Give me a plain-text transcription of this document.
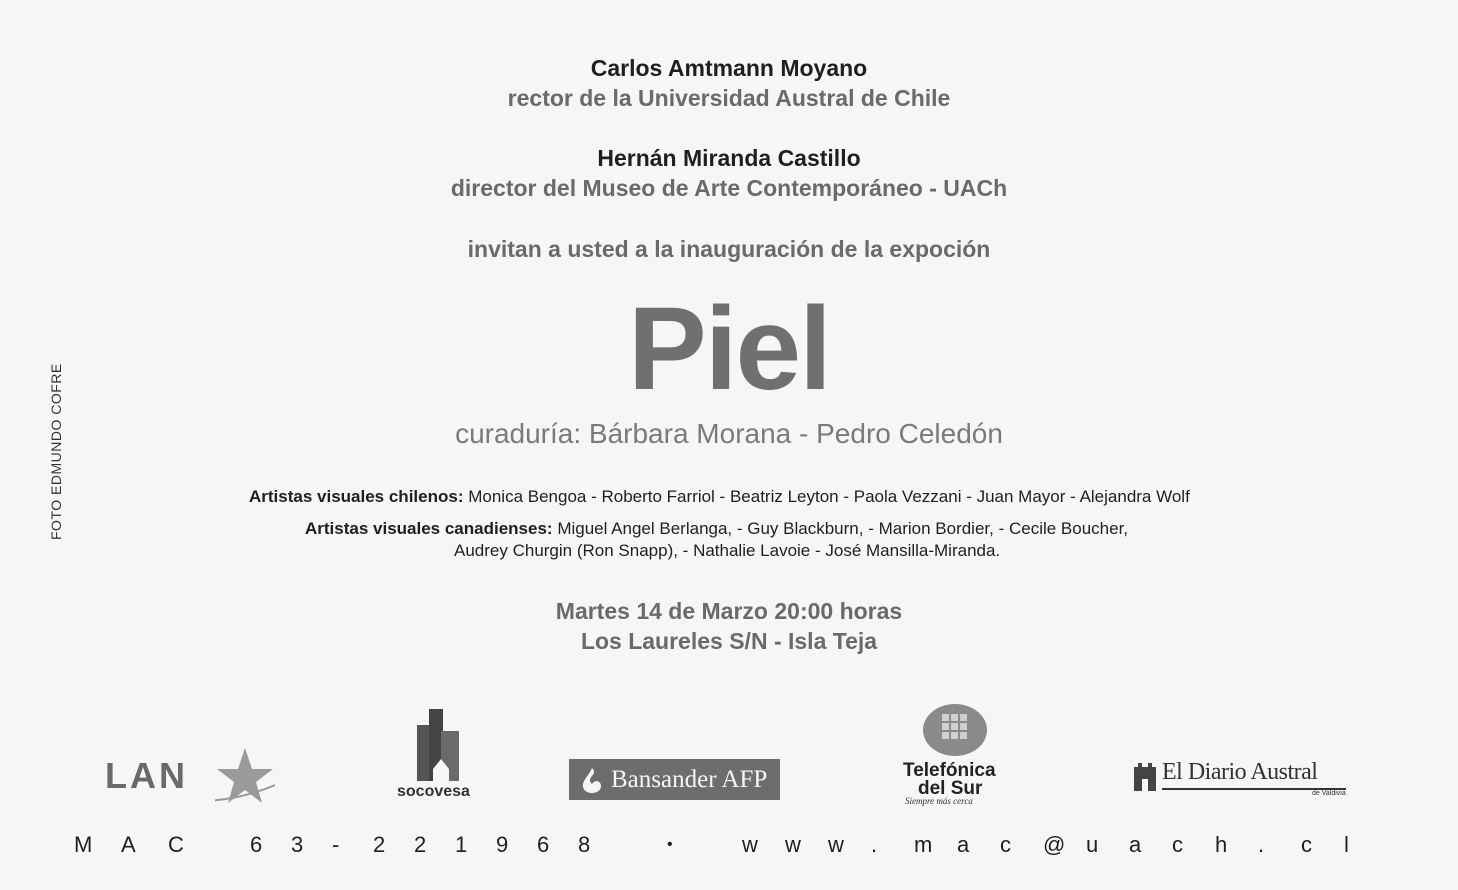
FOTO EDMUNDO COFRE
Carlos Amtmann Moyano
rector de la Universidad Austral de Chile
Hernán Miranda Castillo
director del Museo de Arte Contemporáneo - UACh
invitan a usted a la inauguración de la expoción
Piel
curaduría: Bárbara Morana - Pedro Celedón
Artistas visuales chilenos: Monica Bengoa - Roberto Farriol - Beatriz Leyton - Paola Vezzani - Juan Mayor - Alejandra Wolf
Artistas visuales canadienses: Miguel Angel Berlanga, - Guy Blackburn, - Marion Bordier, - Cecile Boucher,
Audrey Churgin (Ron Snapp), - Nathalie Lavoie - José Mansilla-Miranda.
Martes 14 de Marzo 20:00 horas
Los Laureles S/N - Isla Teja
LAN	socovesa	Bansander AFP	Telefónica
del Sur
Siempre más cerca
El Diario Austral
de Valdivia
M A C	6 3 - 2 2 1 9 6 8	•	w w w . m a c @ u a c h . c l
